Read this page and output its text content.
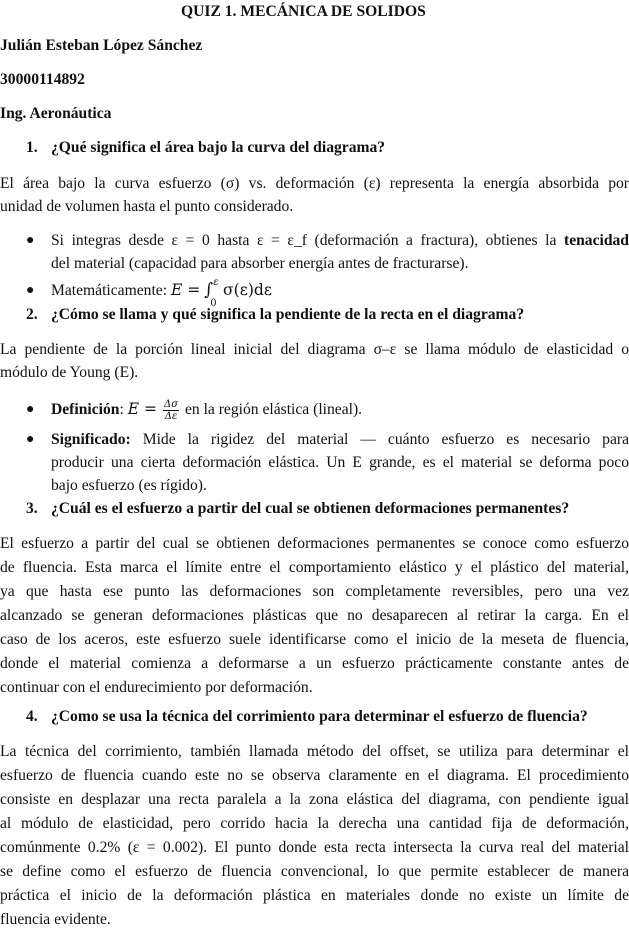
QUIZ 1. MECÁNICA DE SOLIDOS
Julián Esteban López Sánchez
30000114892
Ing. Aeronáutica
1. ¿Qué significa el área bajo la curva del diagrama?
El área bajo la curva esfuerzo (σ) vs. deformación (ε) representa la energía absorbida por
unidad de volumen hasta el punto considerado.
● Si integras desde ε = 0 hasta ε = ε_f (deformación a fractura), obtienes la tenacidad
del material (capacidad para absorber energía antes de fracturarse).
● Matemáticamente: E = ∫ ε
0
σ(ε)dε
2. ¿Cómo se llama y qué significa la pendiente de la recta en el diagrama?
La pendiente de la porción lineal inicial del diagrama σ–ε se llama módulo de elasticidad o
módulo de Young (E).
● Definición: $E = \frac{\Delta\sigma}{\Delta\varepsilon}$ en la región elástica (lineal).
● Significado: Mide la rigidez del material — cuánto esfuerzo es necesario para
producir una cierta deformación elástica. Un E grande, es el material se deforma poco
bajo esfuerzo (es rígido).
3. ¿Cuál es el esfuerzo a partir del cual se obtienen deformaciones permanentes?
El esfuerzo a partir del cual se obtienen deformaciones permanentes se conoce como esfuerzo
de fluencia. Esta marca el límite entre el comportamiento elástico y el plástico del material,
ya que hasta ese punto las deformaciones son completamente reversibles, pero una vez
alcanzado se generan deformaciones plásticas que no desaparecen al retirar la carga. En el
caso de los aceros, este esfuerzo suele identificarse como el inicio de la meseta de fluencia,
donde el material comienza a deformarse a un esfuerzo prácticamente constante antes de
continuar con el endurecimiento por deformación.
4. ¿Como se usa la técnica del corrimiento para determinar el esfuerzo de fluencia?
La técnica del corrimiento, también llamada método del offset, se utiliza para determinar el
esfuerzo de fluencia cuando este no se observa claramente en el diagrama. El procedimiento
consiste en desplazar una recta paralela a la zona elástica del diagrama, con pendiente igual
al módulo de elasticidad, pero corrido hacia la derecha una cantidad fija de deformación,
comúnmente 0.2% (ε = 0.002). El punto donde esta recta intersecta la curva real del material
se define como el esfuerzo de fluencia convencional, lo que permite establecer de manera
práctica el inicio de la deformación plástica en materiales donde no existe un límite de
fluencia evidente.
